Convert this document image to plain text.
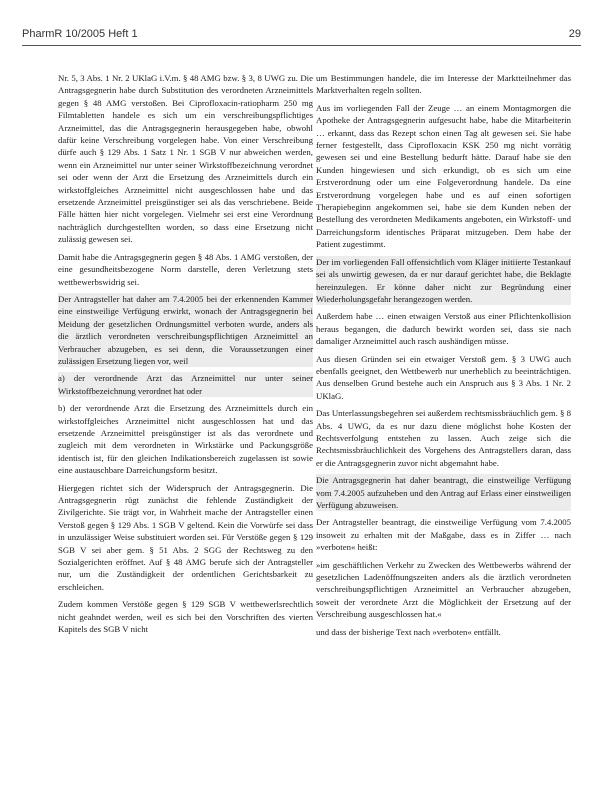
PharmR 10/2005 Heft 1	29

Nr. 5, 3 Abs. 1 Nr. 2 UKlaG i.V.m. § 48 AMG bzw. § 3, 8 UWG zu. Die Antragsgegnerin habe durch Substitution des verordneten Arzneimittels gegen § 48 AMG verstoßen. Bei Ciprofloxacin-ratiopharm 250 mg Filmtabletten handele es sich um ein verschreibungspflichtiges Arzneimittel, das die Antragsgegnerin herausgegeben habe, obwohl dafür keine Verschreibung vorgelegen habe. Von einer Verschreibung dürfe auch § 129 Abs. 1 Satz 1 Nr. 1 SGB V nur abweichen werden, wenn ein Arzneimittel nur unter seiner Wirkstoffbezeichnung verordnet sei oder wenn der Arzt die Ersetzung des Arzneimittels durch ein wirkstoffgleiches Arzneimittel nicht ausgeschlossen habe und das ersetzende Arzneimittel preisgünstiger sei als das verschriebene. Beide Fälle hätten hier nicht vorgelegen. Vielmehr sei erst eine Verordnung nachträglich durchgestellten worden, so dass eine Ersetzung nicht zulässig gewesen sei.

Damit habe die Antragsgegnerin gegen § 48 Abs. 1 AMG verstoßen, der eine gesundheitsbezogene Norm darstelle, deren Verletzung stets wettbewerbswidrig sei.

Der Antragsteller hat daher am 7.4.2005 bei der erkennenden Kammer eine einstweilige Verfügung erwirkt, wonach der Antragsgegnerin bei Meidung der gesetzlichen Ordnungsmittel verboten wurde, anders als die ärztlich verordneten verschreibungspflichtigen Arzneimittel an Verbraucher abzugeben, es sei denn, die Voraussetzungen einer zulässigen Ersetzung liegen vor, weil

a) der verordnende Arzt das Arzneimittel nur unter seiner Wirkstoffbezeichnung verordnet hat oder

b) der verordnende Arzt die Ersetzung des Arzneimittels durch ein wirkstoffgleiches Arzneimittel nicht ausgeschlossen hat und das ersetzende Arzneimittel preisgünstiger ist als das verordnete und zugleich mit dem verordneten in Wirkstärke und Packungsgröße identisch ist, für den gleichen Indikationsbereich zugelassen ist sowie eine austauschbare Darreichungsform besitzt.

Hiergegen richtet sich der Widerspruch der Antragsgegnerin. Die Antragsgegnerin rügt zunächst die fehlende Zuständigkeit der Zivilgerichte. Sie trägt vor, in Wahrheit mache der Antragsteller einen Verstoß gegen § 129 Abs. 1 SGB V geltend. Kein die Vorwürfe sei dass in unzulässiger Weise substituiert worden sei. Für Verstöße gegen § 129 SGB V sei aber gem. § 51 Abs. 2 SGG der Rechtsweg zu den Sozialgerichten eröffnet. Auf § 48 AMG berufe sich der Antragsteller nur, um die Zuständigkeit der ordentlichen Gerichtsbarkeit zu erschleichen.

Zudem kommen Verstöße gegen § 129 SGB V wettbewerlsrechtlich nicht geahndet werden, weil es sich bei den Vorschriften des vierten Kapitels des SGB V nicht

um Bestimmungen handele, die im Interesse der Marktteilnehmer das Marktverhalten regeln sollten.

Aus im vorliegenden Fall der Zeuge … an einem Montagmorgen die Apotheke der Antragsgegnerin aufgesucht habe, habe die Mitarbeiterin … erkannt, dass das Rezept schon einen Tag alt gewesen sei. Sie habe ferner festgestellt, dass Ciprofloxacin KSK 250 mg nicht vorrätig gewesen sei und eine Bestellung bedurft hätte. Darauf habe sie den Kunden hingewiesen und sich erkundigt, ob es sich um eine Erstverordnung oder um eine Folgeverordnung handele. Da eine Erstverordnung vorgelegen habe und es auf einen sofortigen Therapiebeginn angekommen sei, habe sie dem Kunden neben der Bestellung des verordneten Medikaments angeboten, ein Wirkstoff- und Darreichungsform identisches Präparat mitzugeben. Dem habe der Patient zugestimmt.

Der im vorliegenden Fall offensichtlich vom Kläger initiierte Testankauf sei als unwirtig gewesen, da er nur darauf gerichtet habe, die Beklagte hereinzulegen. Er könne daher nicht zur Begründung einer Wiederholungsgefahr herangezogen werden.

Außerdem habe … einen etwaigen Verstoß aus einer Pflichtenkollision heraus begangen, die dadurch bewirkt worden sei, dass sie nach damaliger Arzneimittel auch rasch aushändigen müsse.

Aus diesen Gründen sei ein etwaiger Verstoß gem. § 3 UWG auch ebenfalls geeignet, den Wettbewerb nur unerheblich zu beeinträchtigen. Aus denselben Grund bestehe auch ein Anspruch aus § 3 Abs. 1 Nr. 2 UKlaG.

Das Unterlassungsbegehren sei außerdem rechtsmissbräuchlich gem. § 8 Abs. 4 UWG, da es nur dazu diene möglichst hohe Kosten der Rechtsverfolgung entstehen zu lassen. Auch zeige sich die Rechtsmissbräuchlichkeit des Vorgehens des Antragstellers daran, dass er die Antragsgegnerin zuvor nicht abgemahnt habe.

Die Antragsgegnerin hat daher beantragt, die einstweilige Verfügung vom 7.4.2005 aufzuheben und den Antrag auf Erlass einer einstweiligen Verfügung abzuweisen.

Der Antragsteller beantragt, die einstweilige Verfügung vom 7.4.2005 insoweit zu erhalten mit der Maßgabe, dass es in Ziffer … nach »verboten« heißt:

»im geschäftlichen Verkehr zu Zwecken des Wettbewerbs während der gesetzlichen Ladenöffnungszeiten anders als die ärztlich verordneten verschreibungspflichtigen Arzneimittel an Verbraucher abzugeben, soweit der verordnete Arzt die Möglichkeit der Ersetzung auf der Verschreibung ausgeschlossen hat.«

und dass der bisherige Text nach »verboten« entfällt.
